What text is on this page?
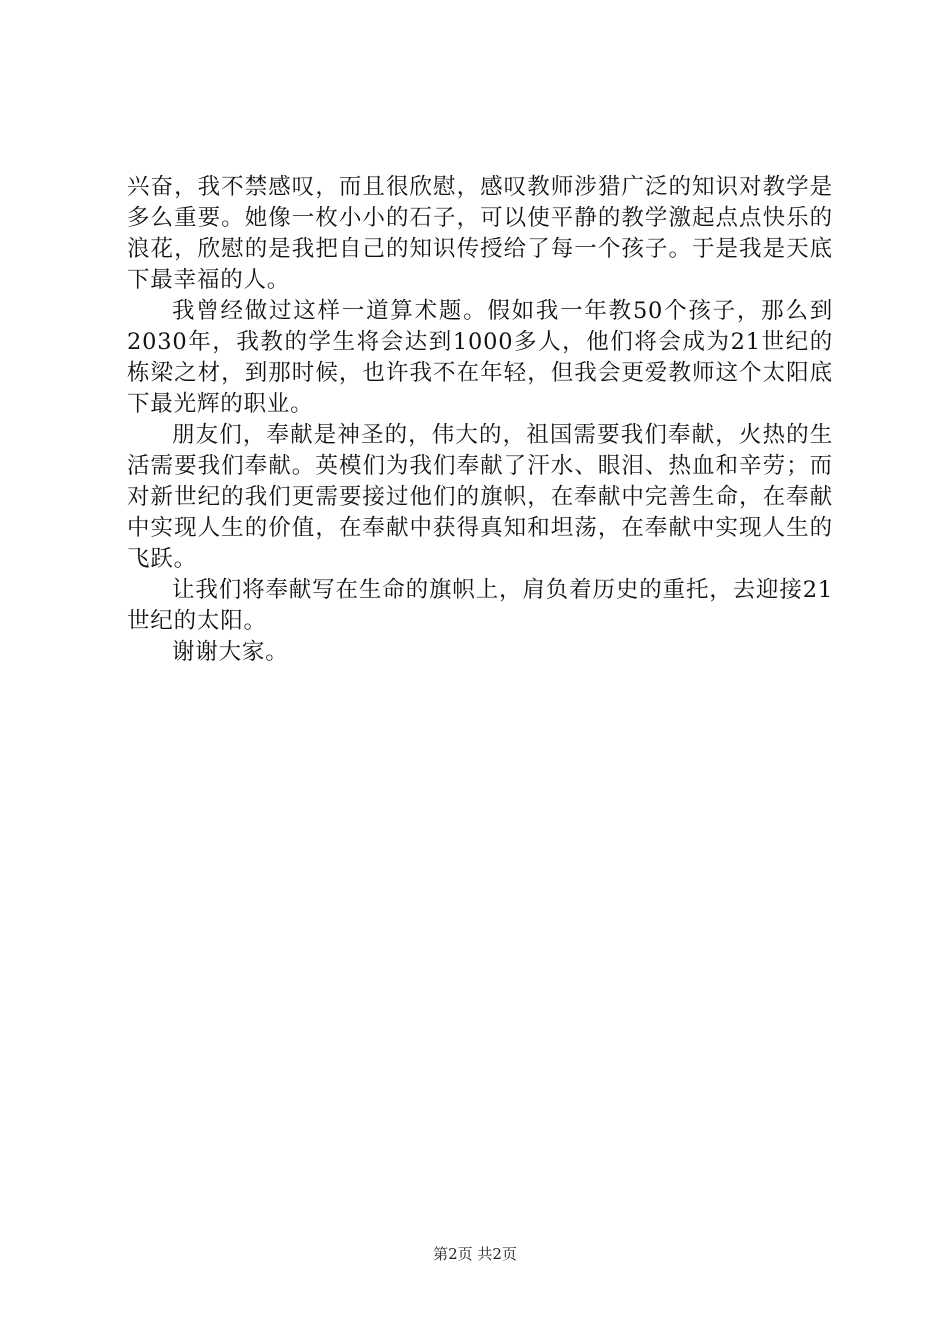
兴奋，我不禁感叹，而且很欣慰，感叹教师涉猎广泛的知识对教学是多么重要。她像一枚小小的石子，可以使平静的教学激起点点快乐的浪花，欣慰的是我把自己的知识传授给了每一个孩子。于是我是天底下最幸福的人。

我曾经做过这样一道算术题。假如我一年教50个孩子，那么到2030年，我教的学生将会达到1000多人，他们将会成为21世纪的栋梁之材，到那时候，也许我不在年轻，但我会更爱教师这个太阳底下最光辉的职业。

朋友们，奉献是神圣的，伟大的，祖国需要我们奉献，火热的生活需要我们奉献。英模们为我们奉献了汗水、眼泪、热血和辛劳；而对新世纪的我们更需要接过他们的旗帜，在奉献中完善生命，在奉献中实现人生的价值，在奉献中获得真知和坦荡，在奉献中实现人生的飞跃。

让我们将奉献写在生命的旗帜上，肩负着历史的重托，去迎接21世纪的太阳。

谢谢大家。

第2页 共2页
